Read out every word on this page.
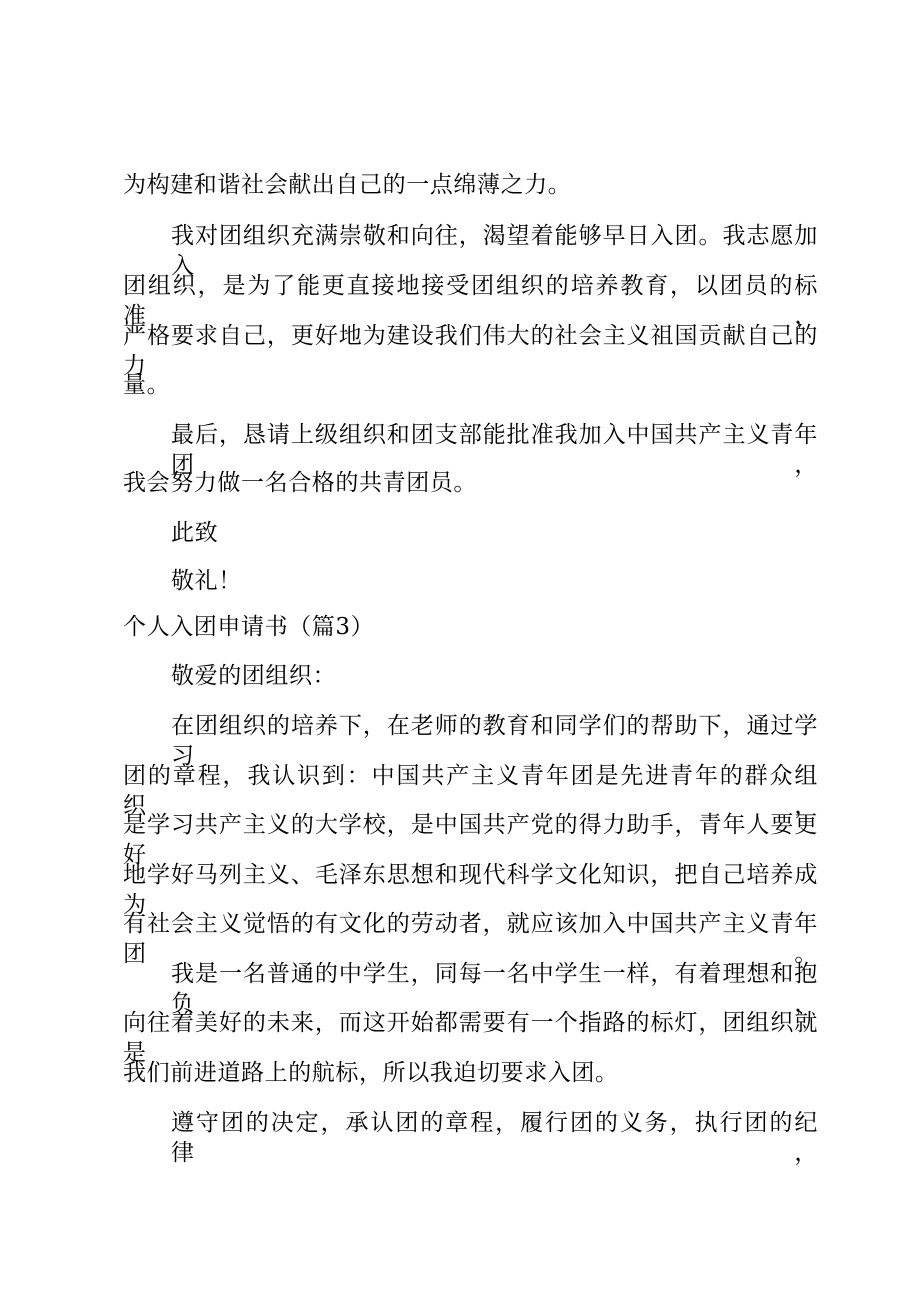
为构建和谐社会献出自己的一点绵薄之力。
我对团组织充满崇敬和向往，渴望着能够早日入团。我志愿加入
团组织，是为了能更直接地接受团组织的培养教育，以团员的标准，
严格要求自己，更好地为建设我们伟大的社会主义祖国贡献自己的力
量。
最后，恳请上级组织和团支部能批准我加入中国共产主义青年团，
我会努力做一名合格的共青团员。
此致
敬礼！
个人入团申请书（篇3）
敬爱的团组织：
在团组织的培养下，在老师的教育和同学们的帮助下，通过学习
团的章程，我认识到：中国共产主义青年团是先进青年的群众组织，
是学习共产主义的大学校，是中国共产党的得力助手，青年人要更好
地学好马列主义、毛泽东思想和现代科学文化知识，把自己培养成为
有社会主义觉悟的有文化的劳动者，就应该加入中国共产主义青年团。
我是一名普通的中学生，同每一名中学生一样，有着理想和抱负，
向往着美好的未来，而这开始都需要有一个指路的标灯，团组织就是
我们前进道路上的航标，所以我迫切要求入团。
遵守团的决定，承认团的章程，履行团的义务，执行团的纪律，
